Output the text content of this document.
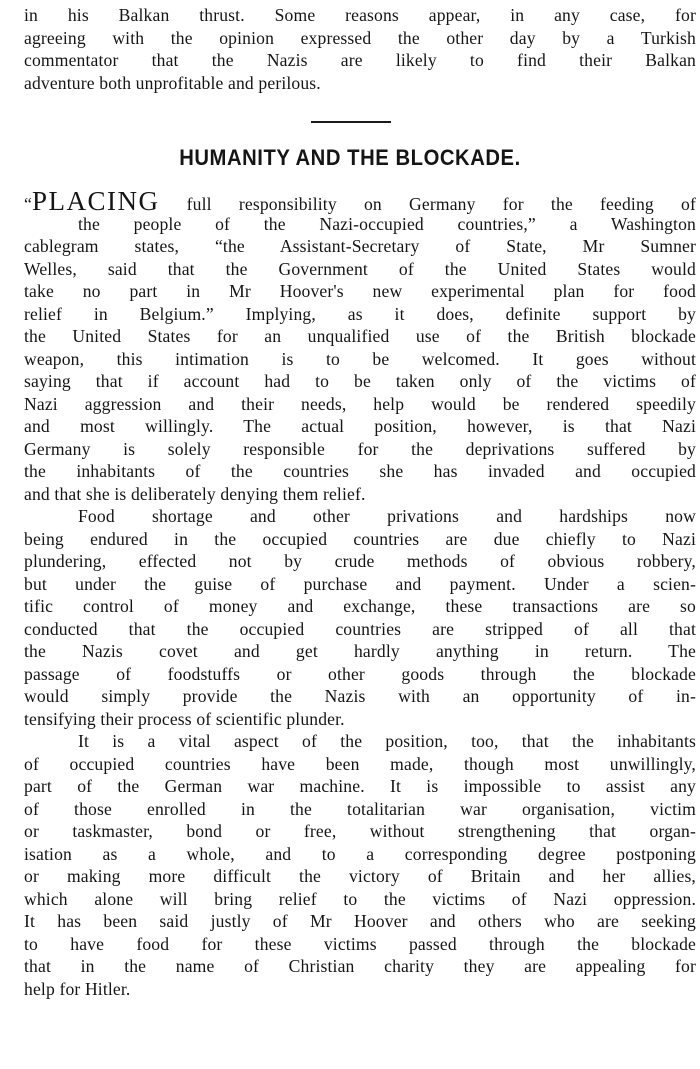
in his Balkan thrust. Some reasons appear, in any case, for
agreeing with the opinion expressed the other day by a Turkish
commentator that the Nazis are likely to find their Balkan
adventure both unprofitable and perilous.
HUMANITY AND THE BLOCKADE.
“PLACING full responsibility on Germany for the feeding of
the people of the Nazi-occupied countries,” a Washington
cablegram states, “the Assistant-Secretary of State, Mr Sumner
Welles, said that the Government of the United States would
take no part in Mr Hoover's new experimental plan for food
relief in Belgium.” Implying, as it does, definite support by
the United States for an unqualified use of the British blockade
weapon, this intimation is to be welcomed. It goes without
saying that if account had to be taken only of the victims of
Nazi aggression and their needs, help would be rendered speedily
and most willingly. The actual position, however, is that Nazi
Germany is solely responsible for the deprivations suffered by
the inhabitants of the countries she has invaded and occupied
and that she is deliberately denying them relief.
Food shortage and other privations and hardships now
being endured in the occupied countries are due chiefly to Nazi
plundering, effected not by crude methods of obvious robbery,
but under the guise of purchase and payment. Under a scien-
tific control of money and exchange, these transactions are so
conducted that the occupied countries are stripped of all that
the Nazis covet and get hardly anything in return. The
passage of foodstuffs or other goods through the blockade
would simply provide the Nazis with an opportunity of in-
tensifying their process of scientific plunder.
It is a vital aspect of the position, too, that the inhabitants
of occupied countries have been made, though most unwillingly,
part of the German war machine. It is impossible to assist any
of those enrolled in the totalitarian war organisation, victim
or taskmaster, bond or free, without strengthening that organ-
isation as a whole, and to a corresponding degree postponing
or making more difficult the victory of Britain and her allies,
which alone will bring relief to the victims of Nazi oppression.
It has been said justly of Mr Hoover and others who are seeking
to have food for these victims passed through the blockade
that in the name of Christian charity they are appealing for
help for Hitler.
